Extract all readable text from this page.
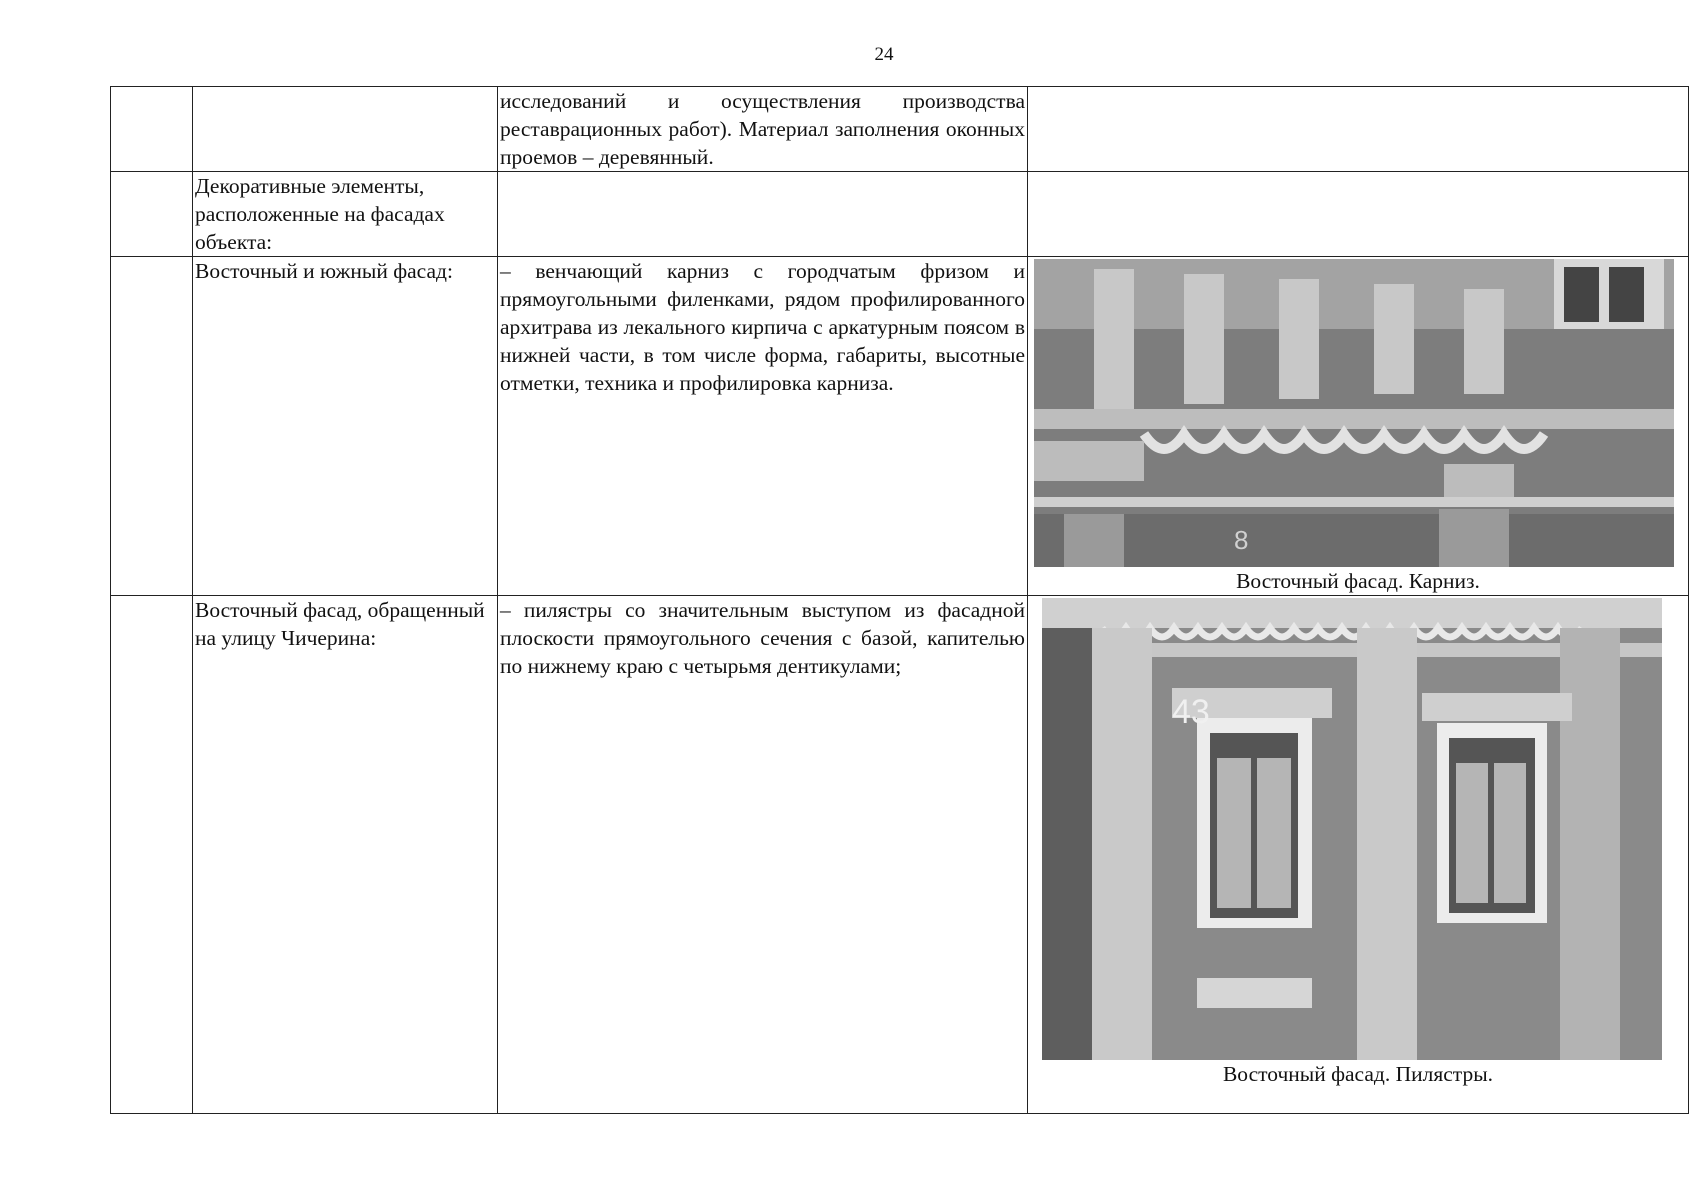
24
		исследований и осуществления производства реставрационных работ). Материал заполнения оконных проемов – деревянный.	
	Декоративные элементы, расположенные на фасадах объекта:		
	Восточный и южный фасад:	– венчающий карниз с городчатым фризом и прямоугольными филенками, рядом профилированного архитрава из лекального кирпича с аркатурным поясом в нижней части, в том числе форма, габариты, высотные отметки, техника и профилировка карниза.	8
Восточный фасад. Карниз.

	Восточный фасад, обращенный на улицу Чичерина:	– пилястры со значительным выступом из фасадной плоскости прямоугольного сечения с базой, капителью по нижнему краю с четырьмя дентикулами;	43
Восточный фасад. Пилястры.
